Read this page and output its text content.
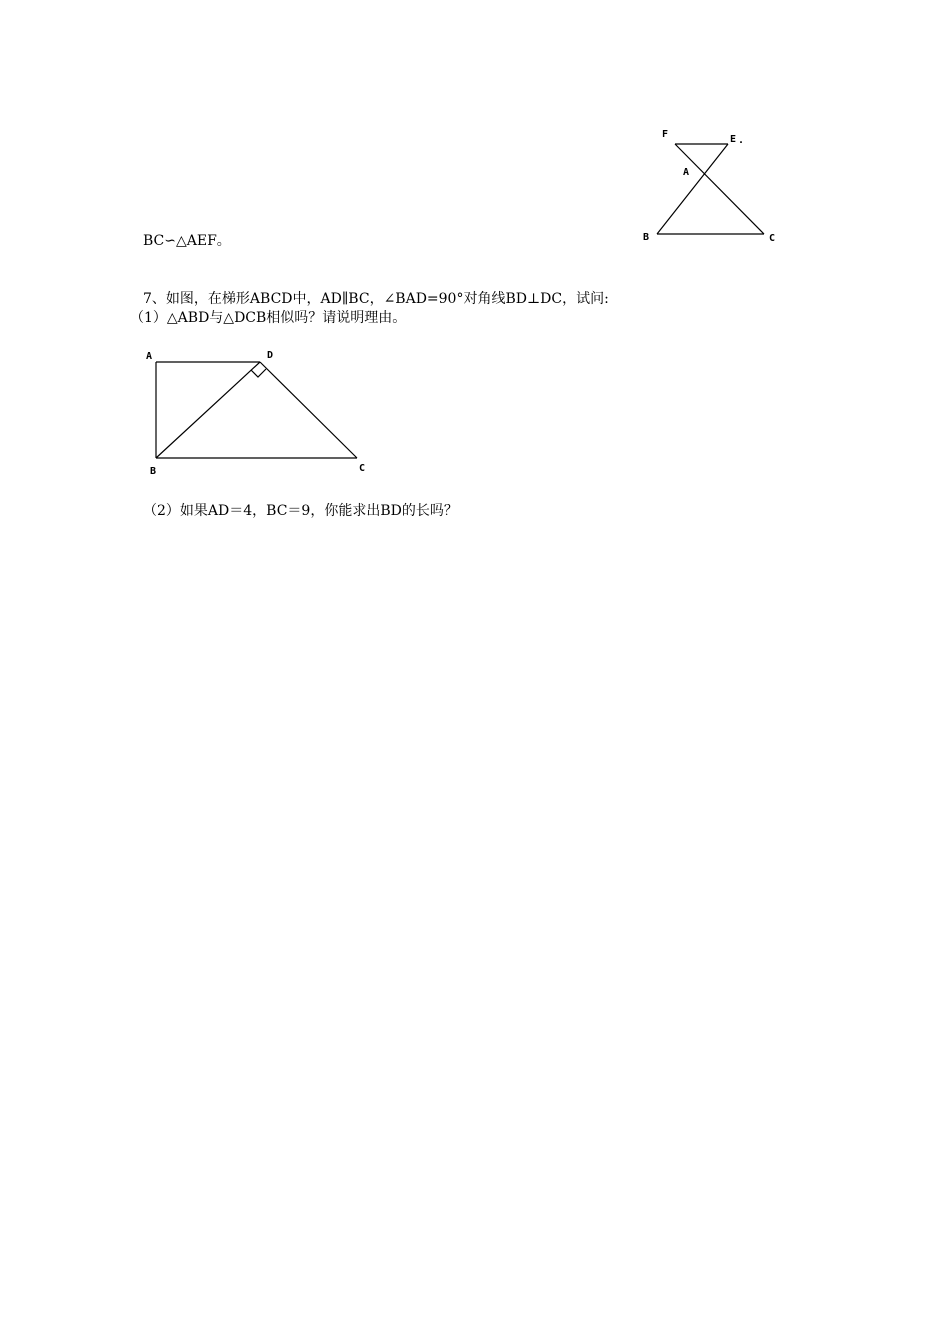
BC∽△AEF。
F	E .
A
B	C
7、如图，在梯形ABCD中，AD∥BC，∠BAD=90°对角线BD⊥DC，试问:
（1）△ABD与△DCB相似吗？请说明理由。
A	D
B	C
（2）如果AD＝4，BC＝9，你能求出BD的长吗？
